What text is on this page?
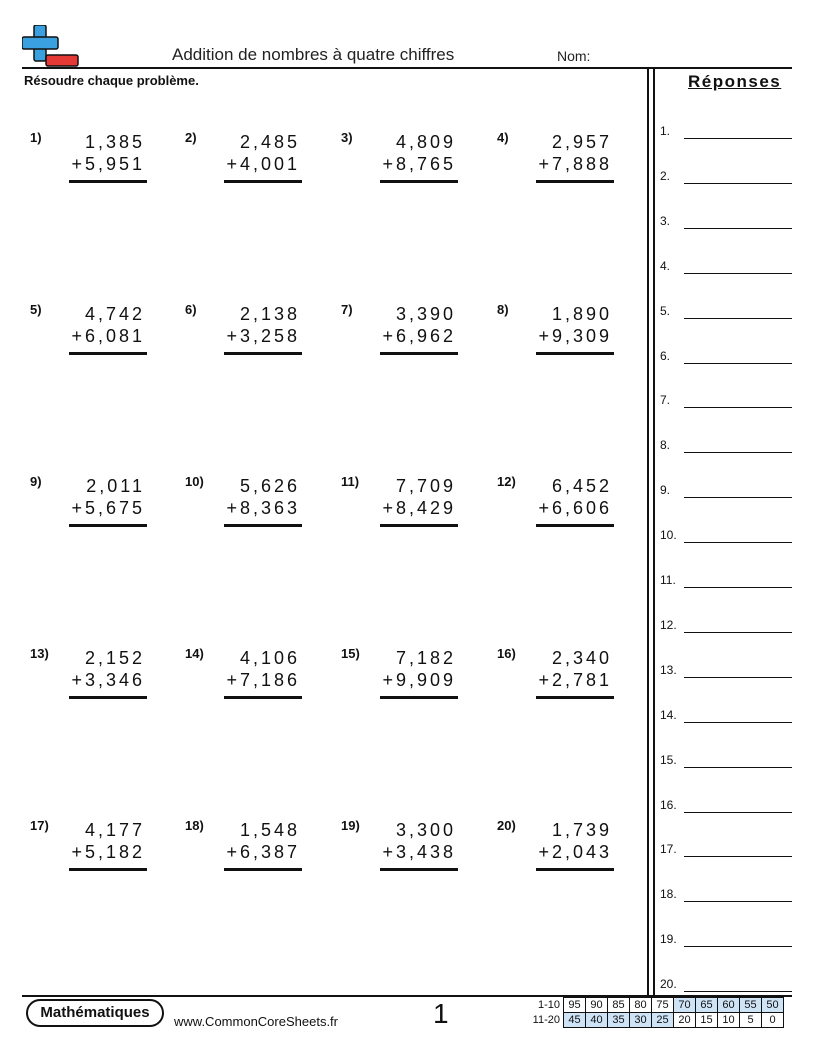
Addition de nombres à quatre chiffres	Nom:
Résoudre chaque problème.
1) 1,385
+5,951
2) 2,485
+4,001
3) 4,809
+8,765
4) 2,957
+7,888
5) 4,742
+6,081
6) 2,138
+3,258
7) 3,390
+6,962
8) 1,890
+9,309
9) 2,011
+5,675
10) 5,626
+8,363
11) 7,709
+8,429
12) 6,452
+6,606
13) 2,152
+3,346
14) 4,106
+7,186
15) 7,182
+9,909
16) 2,340
+2,781
17) 4,177
+5,182
18) 1,548
+6,387
19) 3,300
+3,438
20) 1,739
+2,043
Réponses
1.
2.
3.
4.
5.
6.
7.
8.
9.
10.
11.
12.
13.
14.
15.
16.
17.
18.
19.
20.
Mathématiques
www.CommonCoreSheets.fr	1	1-10	95	90	85	80	75	70	65	60	55	50
11-20	45	40	35	30	25	20	15	10	5	0
